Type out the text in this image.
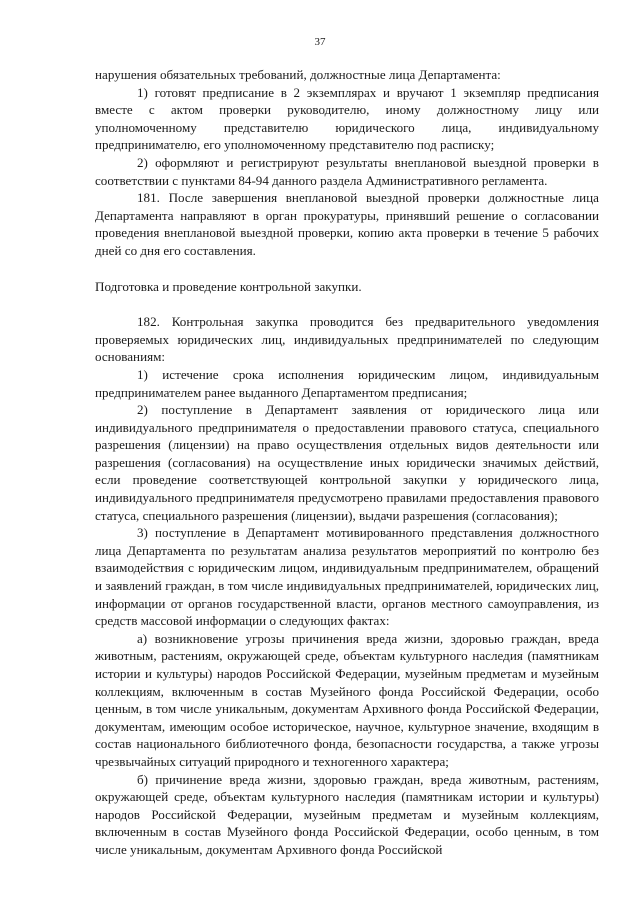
37

нарушения обязательных требований, должностные лица Департамента:

1) готовят предписание в 2 экземплярах и вручают 1 экземпляр предписания вместе с актом проверки руководителю, иному должностному лицу или уполномоченному представителю юридического лица, индивидуальному предпринимателю, его уполномоченному представителю под расписку;

2) оформляют и регистрируют результаты внеплановой выездной проверки в соответствии с пунктами 84-94 данного раздела Административного регламента.

181. После завершения внеплановой выездной проверки должностные лица Департамента направляют в орган прокуратуры, принявший решение о согласовании проведения внеплановой выездной проверки, копию акта проверки в течение 5 рабочих дней со дня его составления.

Подготовка и проведение контрольной закупки.

182. Контрольная закупка проводится без предварительного уведомления проверяемых юридических лиц, индивидуальных предпринимателей по следующим основаниям:

1) истечение срока исполнения юридическим лицом, индивидуальным предпринимателем ранее выданного Департаментом предписания;

2) поступление в Департамент заявления от юридического лица или индивидуального предпринимателя о предоставлении правового статуса, специального разрешения (лицензии) на право осуществления отдельных видов деятельности или разрешения (согласования) на осуществление иных юридически значимых действий, если проведение соответствующей контрольной закупки у юридического лица, индивидуального предпринимателя предусмотрено правилами предоставления правового статуса, специального разрешения (лицензии), выдачи разрешения (согласования);

3) поступление в Департамент мотивированного представления должностного лица Департамента по результатам анализа результатов мероприятий по контролю без взаимодействия с юридическим лицом, индивидуальным предпринимателем, обращений и заявлений граждан, в том числе индивидуальных предпринимателей, юридических лиц, информации от органов государственной власти, органов местного самоуправления, из средств массовой информации о следующих фактах:

а) возникновение угрозы причинения вреда жизни, здоровью граждан, вреда животным, растениям, окружающей среде, объектам культурного наследия (памятникам истории и культуры) народов Российской Федерации, музейным предметам и музейным коллекциям, включенным в состав Музейного фонда Российской Федерации, особо ценным, в том числе уникальным, документам Архивного фонда Российской Федерации, документам, имеющим особое историческое, научное, культурное значение, входящим в состав национального библиотечного фонда, безопасности государства, а также угрозы чрезвычайных ситуаций природного и техногенного характера;

б) причинение вреда жизни, здоровью граждан, вреда животным, растениям, окружающей среде, объектам культурного наследия (памятникам истории и культуры) народов Российской Федерации, музейным предметам и музейным коллекциям, включенным в состав Музейного фонда Российской Федерации, особо ценным, в том числе уникальным, документам Архивного фонда Российской
